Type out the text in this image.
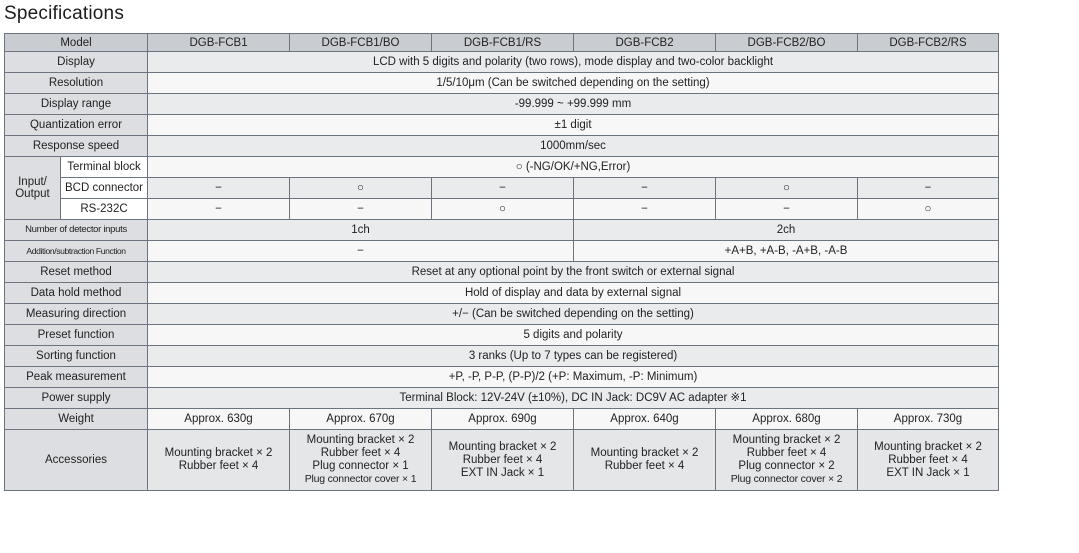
Specifications
Model		DGB-FCB1	DGB-FCB1/BO	DGB-FCB1/RS	DGB-FCB2	DGB-FCB2/BO	DGB-FCB2/RS
Display		LCD with 5 digits and polarity (two rows), mode display and two-color backlight					
Resolution		1/5/10μm (Can be switched depending on the setting)					
Display range		-99.999 ~ +99.999 mm					
Quantization error		±1 digit					
Response speed		1000mm/sec					
Input/
Output	Terminal block	○ (-NG/OK/+NG,Error)					
	BCD connector	−	○	−	−	○	−
	RS-232C	−	−	○	−	−	○
Number of detector inputs		1ch			2ch		
Addition/subtraction Function		−			+A+B, +A-B, -A+B, -A-B		
Reset method		Reset at any optional point by the front switch or external signal					
Data hold method		Hold of display and data by external signal					
Measuring direction		+/− (Can be switched depending on the setting)					
Preset function		5 digits and polarity					
Sorting function		3 ranks (Up to 7 types can be registered)					
Peak measurement		+P, -P, P-P, (P-P)/2 (+P: Maximum, -P: Minimum)					
Power supply		Terminal Block: 12V-24V (±10%), DC IN Jack: DC9V AC adapter ※1					
Weight		Approx. 630g	Approx. 670g	Approx. 690g	Approx. 640g	Approx. 680g	Approx. 730g
Accessories		Mounting bracket × 2
Rubber feet × 4	Mounting bracket × 2
Rubber feet × 4
Plug connector × 1
Plug connector cover × 1	Mounting bracket × 2
Rubber feet × 4
EXT IN Jack × 1	Mounting bracket × 2
Rubber feet × 4	Mounting bracket × 2
Rubber feet × 4
Plug connector × 2
Plug connector cover × 2	Mounting bracket × 2
Rubber feet × 4
EXT IN Jack × 1
